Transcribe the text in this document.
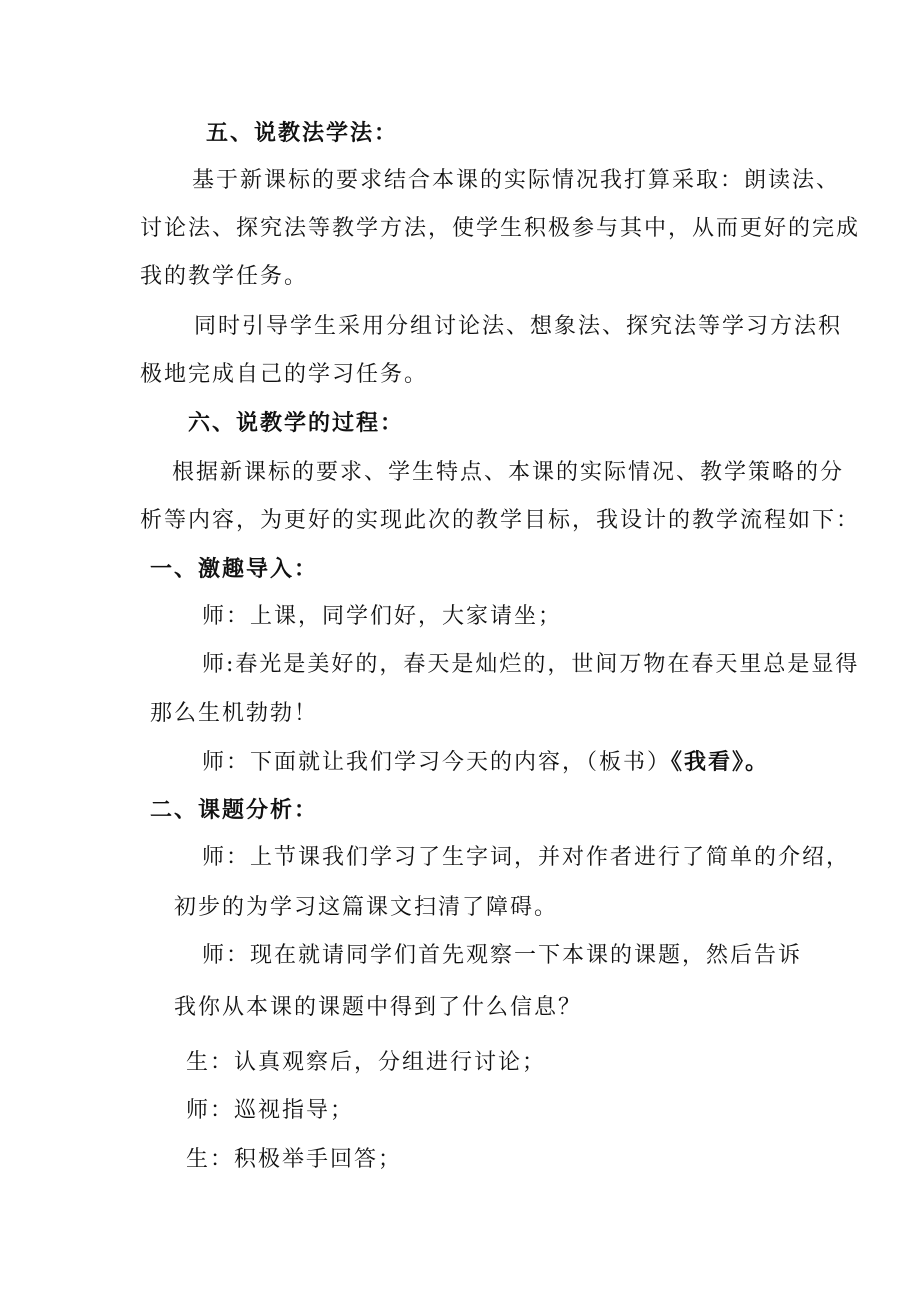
五、说教法学法：
基于新课标的要求结合本课的实际情况我打算采取：朗读法、
讨论法、探究法等教学方法，使学生积极参与其中，从而更好的完成
我的教学任务。
同时引导学生采用分组讨论法、想象法、探究法等学习方法积
极地完成自己的学习任务。
六、说教学的过程：
根据新课标的要求、学生特点、本课的实际情况、教学策略的分
析等内容，为更好的实现此次的教学目标，我设计的教学流程如下：
一、激趣导入：
师：上课，同学们好，大家请坐；
师:春光是美好的，春天是灿烂的，世间万物在春天里总是显得
那么生机勃勃！
师：下面就让我们学习今天的内容，（板书）《我看》。
二、课题分析：
师：上节课我们学习了生字词，并对作者进行了简单的介绍，
初步的为学习这篇课文扫清了障碍。
师：现在就请同学们首先观察一下本课的课题，然后告诉
我你从本课的课题中得到了什么信息？
生：认真观察后，分组进行讨论；
师：巡视指导；
生：积极举手回答；
